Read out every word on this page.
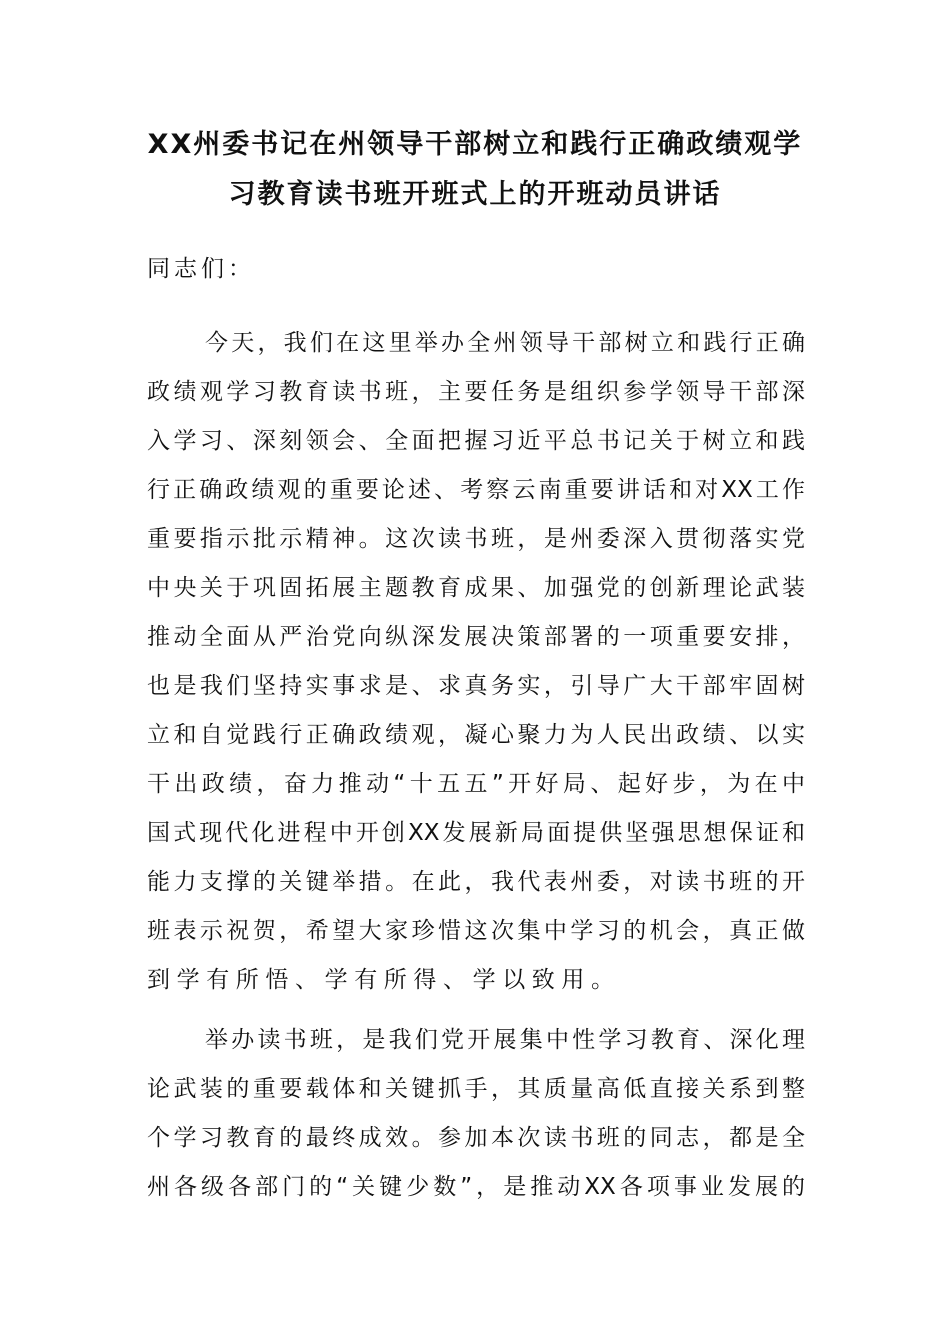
XX州委书记在州领导干部树立和践行正确政绩观学
习教育读书班开班式上的开班动员讲话
同志们：
今天，我们在这里举办全州领导干部树立和践行正确
政绩观学习教育读书班，主要任务是组织参学领导干部深
入学习、深刻领会、全面把握习近平总书记关于树立和践
行正确政绩观的重要论述、考察云南重要讲话和对XX工作
重要指示批示精神。这次读书班，是州委深入贯彻落实党
中央关于巩固拓展主题教育成果、加强党的创新理论武装
推动全面从严治党向纵深发展决策部署的一项重要安排，
也是我们坚持实事求是、求真务实，引导广大干部牢固树
立和自觉践行正确政绩观，凝心聚力为人民出政绩、以实
干出政绩，奋力推动“十五五”开好局、起好步，为在中
国式现代化进程中开创XX发展新局面提供坚强思想保证和
能力支撑的关键举措。在此，我代表州委，对读书班的开
班表示祝贺，希望大家珍惜这次集中学习的机会，真正做
到学有所悟、学有所得、学以致用。
举办读书班，是我们党开展集中性学习教育、深化理
论武装的重要载体和关键抓手，其质量高低直接关系到整
个学习教育的最终成效。参加本次读书班的同志，都是全
州各级各部门的“关键少数”，是推动XX各项事业发展的
